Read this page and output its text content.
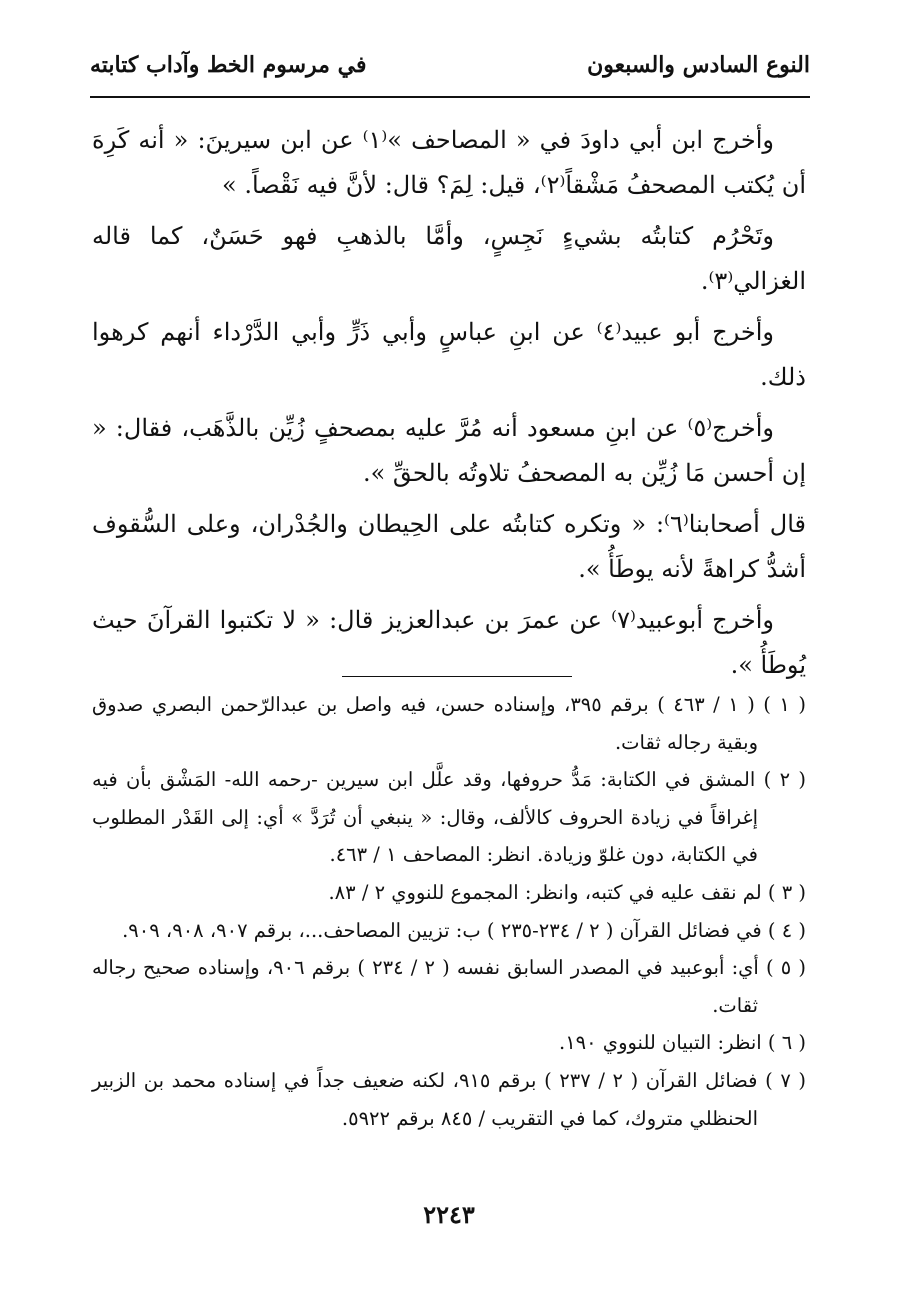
النوع السادس والسبعون
في مرسوم الخط وآداب كتابته

وأخرج ابن أبي داودَ في « المصاحف »⁽١⁾ عن ابن سيرينَ: « أنه كَرِهَ أن يُكتب المصحفُ مَشْقاً⁽٢⁾، قيل: لِمَ؟ قال: لأنَّ فيه نَقْصاً. »

وتَحْرُم كتابتُه بشيءٍ نَجِسٍ، وأمَّا بالذهبِ فهو حَسَنٌ، كما قاله الغزالي⁽٣⁾.

وأخرج أبو عبيد⁽٤⁾ عن ابنِ عباسٍ وأبي ذَرٍّ وأبي الدَّرْداء أنهم كرهوا ذلك.

وأخرج⁽٥⁾ عن ابنِ مسعود أنه مُرَّ عليه بمصحفٍ زُيِّن بالذَّهَب، فقال: « إن أحسن مَا زُيِّن به المصحفُ تلاوتُه بالحقِّ ».

قال أصحابنا⁽٦⁾: « وتكره كتابتُه على الحِيطان والجُدْران، وعلى السُّقوف أشدُّ كراهةً لأنه يوطَأُ ».

وأخرج أبوعبيد⁽٧⁾ عن عمرَ بن عبدالعزيز قال: « لا تكتبوا القرآنَ حيث يُوطَأُ ».

( ١ ) ( ١ / ٤٦٣ ) برقم ٣٩٥، وإسناده حسن، فيه واصل بن عبدالرّحمن البصري صدوق وبقية رجاله ثقات.

( ٢ ) المشق في الكتابة: مَدُّ حروفها، وقد علَّل ابن سيرين -رحمه الله- المَشْق بأن فيه إغراقاً في زيادة الحروف كالألف، وقال: « ينبغي أن تُرَدَّ » أي: إلى القَدْر المطلوب في الكتابة، دون غلوّ وزيادة. انظر: المصاحف ١ / ٤٦٣.

( ٣ ) لم نقف عليه في كتبه، وانظر: المجموع للنووي ٢ / ٨٣.

( ٤ ) في فضائل القرآن ( ٢ / ٢٣٤-٢٣٥ ) ب: تزيين المصاحف...، برقم ٩٠٧، ٩٠٨، ٩٠٩.

( ٥ ) أي: أبوعبيد في المصدر السابق نفسه ( ٢ / ٢٣٤ ) برقم ٩٠٦، وإسناده صحيح رجاله ثقات.

( ٦ ) انظر: التبيان للنووي ١٩٠.

( ٧ ) فضائل القرآن ( ٢ / ٢٣٧ ) برقم ٩١٥، لكنه ضعيف جداً في إسناده محمد بن الزبير الحنظلي متروك، كما في التقريب / ٨٤٥ برقم ٥٩٢٢.

٢٢٤٣
